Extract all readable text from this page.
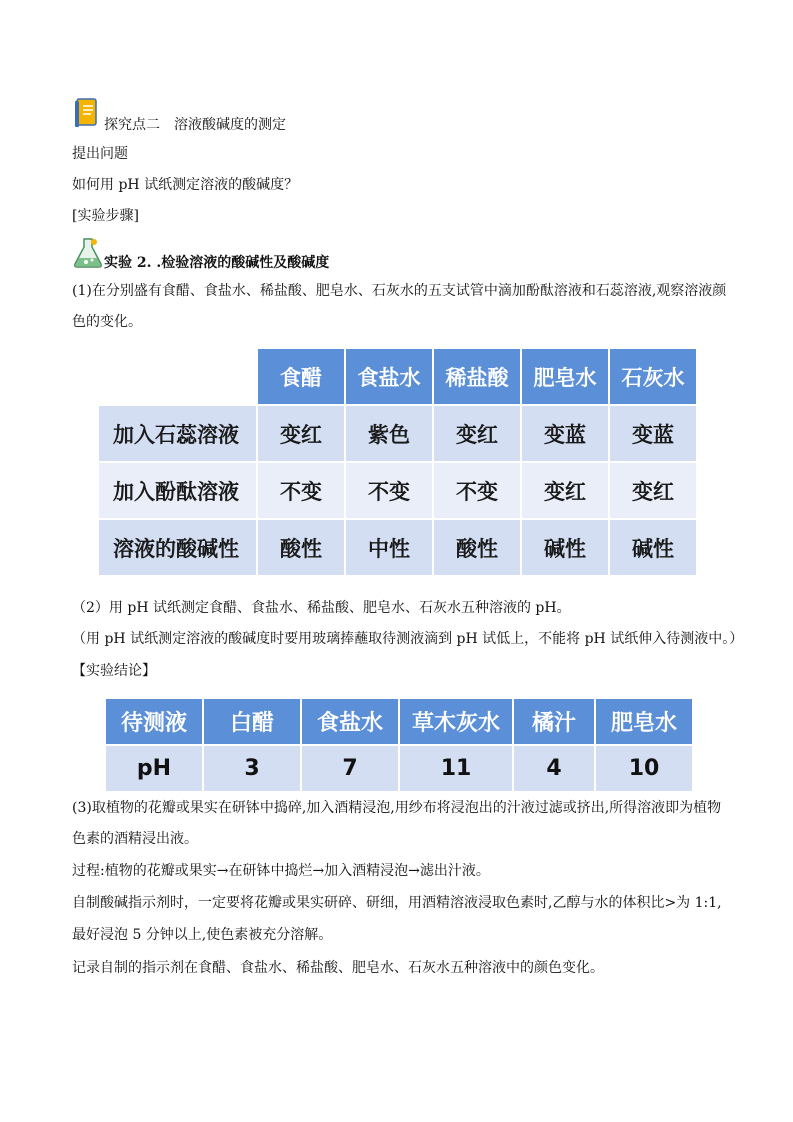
探究点二　溶液酸碱度的测定
提出问题
如何用 pH 试纸测定溶液的酸碱度？
[实验步骤]
实验 2. .检验溶液的酸碱性及酸碱度
(1)在分别盛有食醋、食盐水、稀盐酸、肥皂水、石灰水的五支试管中滴加酚酞溶液和石蕊溶液,观察溶液颜
色的变化。
	食醋	食盐水	稀盐酸	肥皂水	石灰水
加入石蕊溶液	变红	紫色	变红	变蓝	变蓝
加入酚酞溶液	不变	不变	不变	变红	变红
溶液的酸碱性	酸性	中性	酸性	碱性	碱性
（2）用 pH 试纸测定食醋、食盐水、稀盐酸、肥皂水、石灰水五种溶液的 pH。
（用 pH 试纸测定溶液的酸碱度时要用玻璃捧蘸取待测液滴到 pH 试低上，不能将 pH 试纸伸入待测液中。）
【实验结论】
待测液	白醋	食盐水	草木灰水	橘汁	肥皂水
pH	3	7	11	4	10
(3)取植物的花瓣或果实在研钵中捣碎,加入酒精浸泡,用纱布将浸泡出的汁液过滤或挤出,所得溶液即为植物
色素的酒精浸出液。
过程:植物的花瓣或果实→在研钵中捣烂→加入酒精浸泡→滤出汁液。
自制酸碱指示剂时，一定要将花瓣或果实研碎、研细，用酒精溶液浸取色素时,乙醇与水的体积比>为 1:1,
最好浸泡 5 分钟以上,使色素被充分溶解。
记录自制的指示剂在食醋、食盐水、稀盐酸、肥皂水、石灰水五种溶液中的颜色变化。
